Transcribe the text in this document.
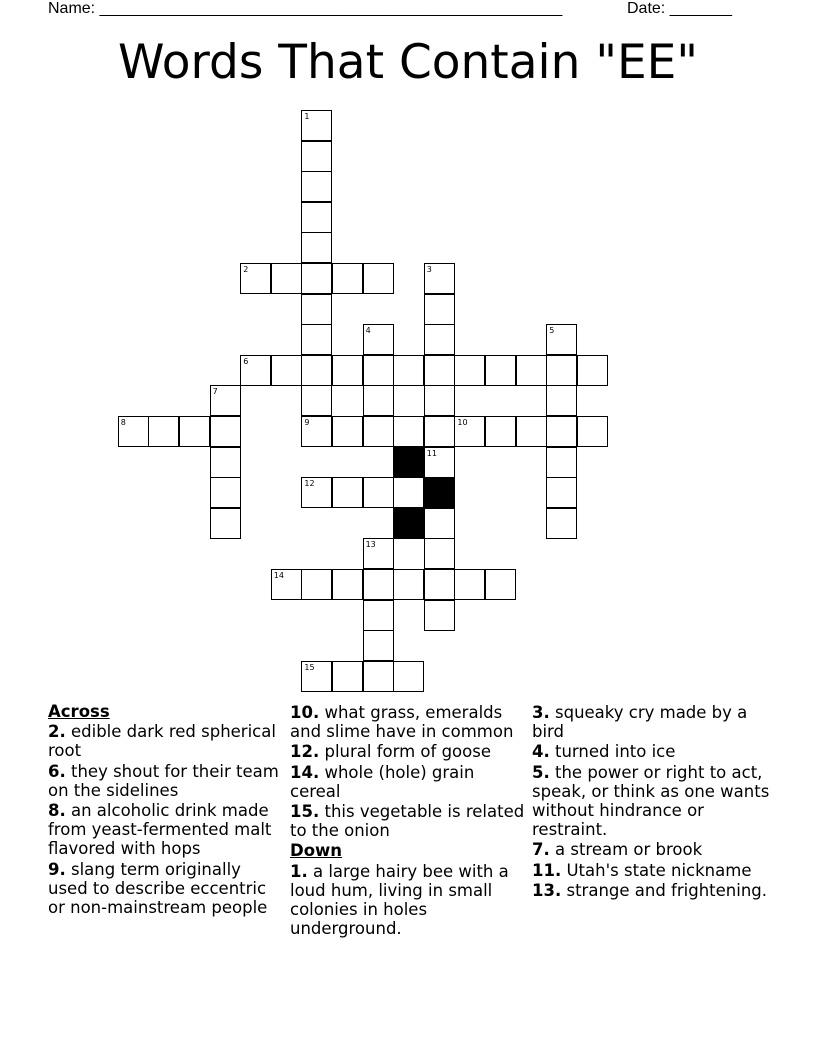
Name: ____________________________________________________	Date: _______
Words That Contain "EE"
1
2	3
11
4	5
6
7
8	9	10
12
13
14
15
Across
2. edible dark red spherical root
6. they shout for their team on the sidelines
8. an alcoholic drink made from yeast-fermented malt flavored with hops
9. slang term originally used to describe eccentric or non-mainstream people
10. what grass, emeralds and slime have in common
12. plural form of goose
14. whole (hole) grain cereal
15. this vegetable is related to the onion
Down
1. a large hairy bee with a loud hum, living in small colonies in holes underground.
3. squeaky cry made by a bird
4. turned into ice
5. the power or right to act, speak, or think as one wants without hindrance or restraint.
7. a stream or brook
11. Utah's state nickname
13. strange and frightening.
